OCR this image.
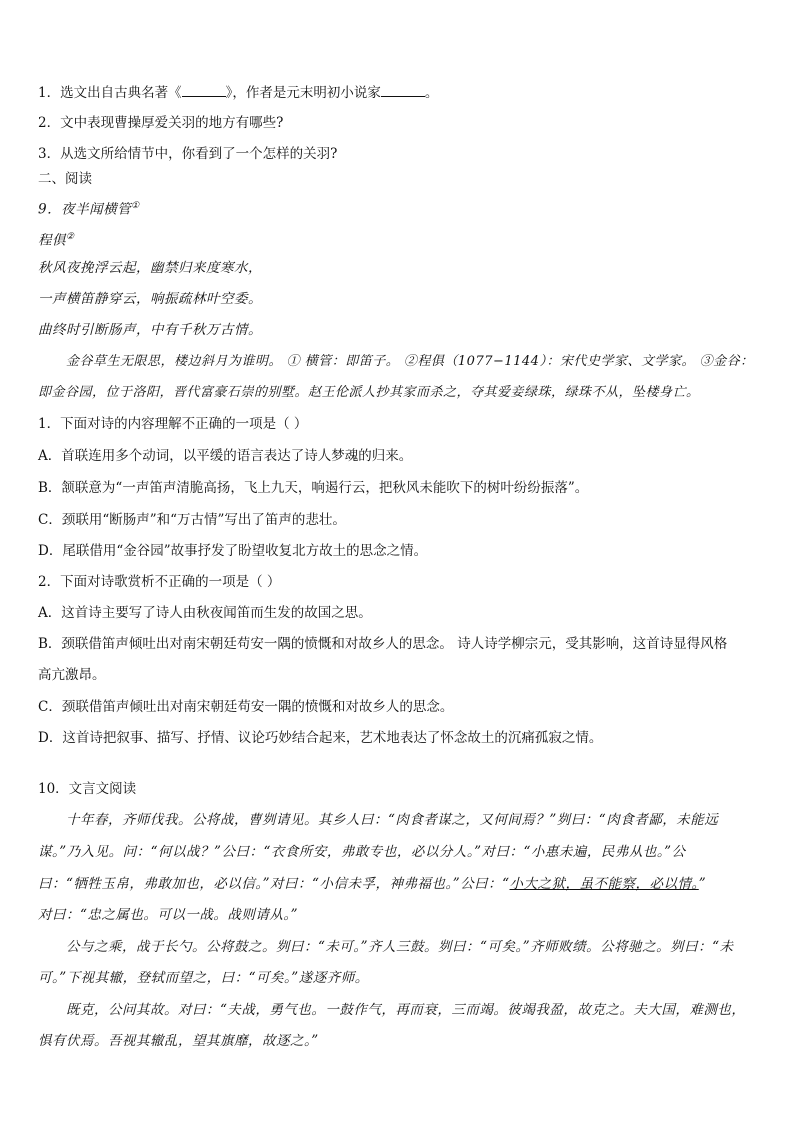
1．选文出自古典名著《	》，作者是元末明初小说家	。
2．文中表现曹操厚爱关羽的地方有哪些?
3．从选文所给情节中，你看到了一个怎样的关羽?
二、阅读
9．夜半闻横管①
程俱②
秋风夜挽浮云起，幽禁归来度寒水，
一声横笛静穿云，响振疏林叶空委。
曲终时引断肠声，中有千秋万古情。
金谷草生无限思，楼边斜月为谁明。 ① 横管：即笛子。 ②程俱（1077−1144）：宋代史学家、文学家。 ③金谷：
即金谷园，位于洛阳，晋代富豪石崇的别墅。赵王伦派人抄其家而杀之，夺其爱妾绿珠，绿珠不从，坠楼身亡。
1．下面对诗的内容理解不正确的一项是（ ）
A．首联连用多个动词，以平缓的语言表达了诗人梦魂的归来。
B．颔联意为“一声笛声清脆高扬，飞上九天，响遏行云，把秋风未能吹下的树叶纷纷振落”。
C．颈联用“断肠声”和“万古情”写出了笛声的悲壮。
D．尾联借用“金谷园”故事抒发了盼望收复北方故土的思念之情。
2．下面对诗歌赏析不正确的一项是（ ）
A．这首诗主要写了诗人由秋夜闻笛而生发的故国之思。
B．颈联借笛声倾吐出对南宋朝廷苟安一隅的愤慨和对故乡人的思念。 诗人诗学柳宗元，受其影响，这首诗显得风格
高亢激昂。
C．颈联借笛声倾吐出对南宋朝廷苟安一隅的愤慨和对故乡人的思念。
D．这首诗把叙事、描写、抒情、议论巧妙结合起来，艺术地表达了怀念故土的沉痛孤寂之情。
10．文言文阅读
十年春，齐师伐我。公将战，曹刿请见。其乡人曰：“肉食者谋之，又何间焉？”刿曰：“肉食者鄙，未能远
谋。”乃入见。问：“何以战？”公曰：“衣食所安，弗敢专也，必以分人。”对曰：“小惠未遍，民弗从也。”公
曰：“牺牲玉帛，弗敢加也，必以信。”对曰：“小信未孚，神弗福也。”公曰：“小大之狱，虽不能察，必以情。”
对曰：“忠之属也。可以一战。战则请从。”
公与之乘，战于长勺。公将鼓之。刿曰：“未可。”齐人三鼓。刿曰：“可矣。”齐师败绩。公将驰之。刿曰：“未
可。”下视其辙，登轼而望之，曰：“可矣。”遂逐齐师。
既克，公问其故。对曰：“夫战，勇气也。一鼓作气，再而衰，三而竭。彼竭我盈，故克之。夫大国，难测也，
惧有伏焉。吾视其辙乱，望其旗靡，故逐之。”
